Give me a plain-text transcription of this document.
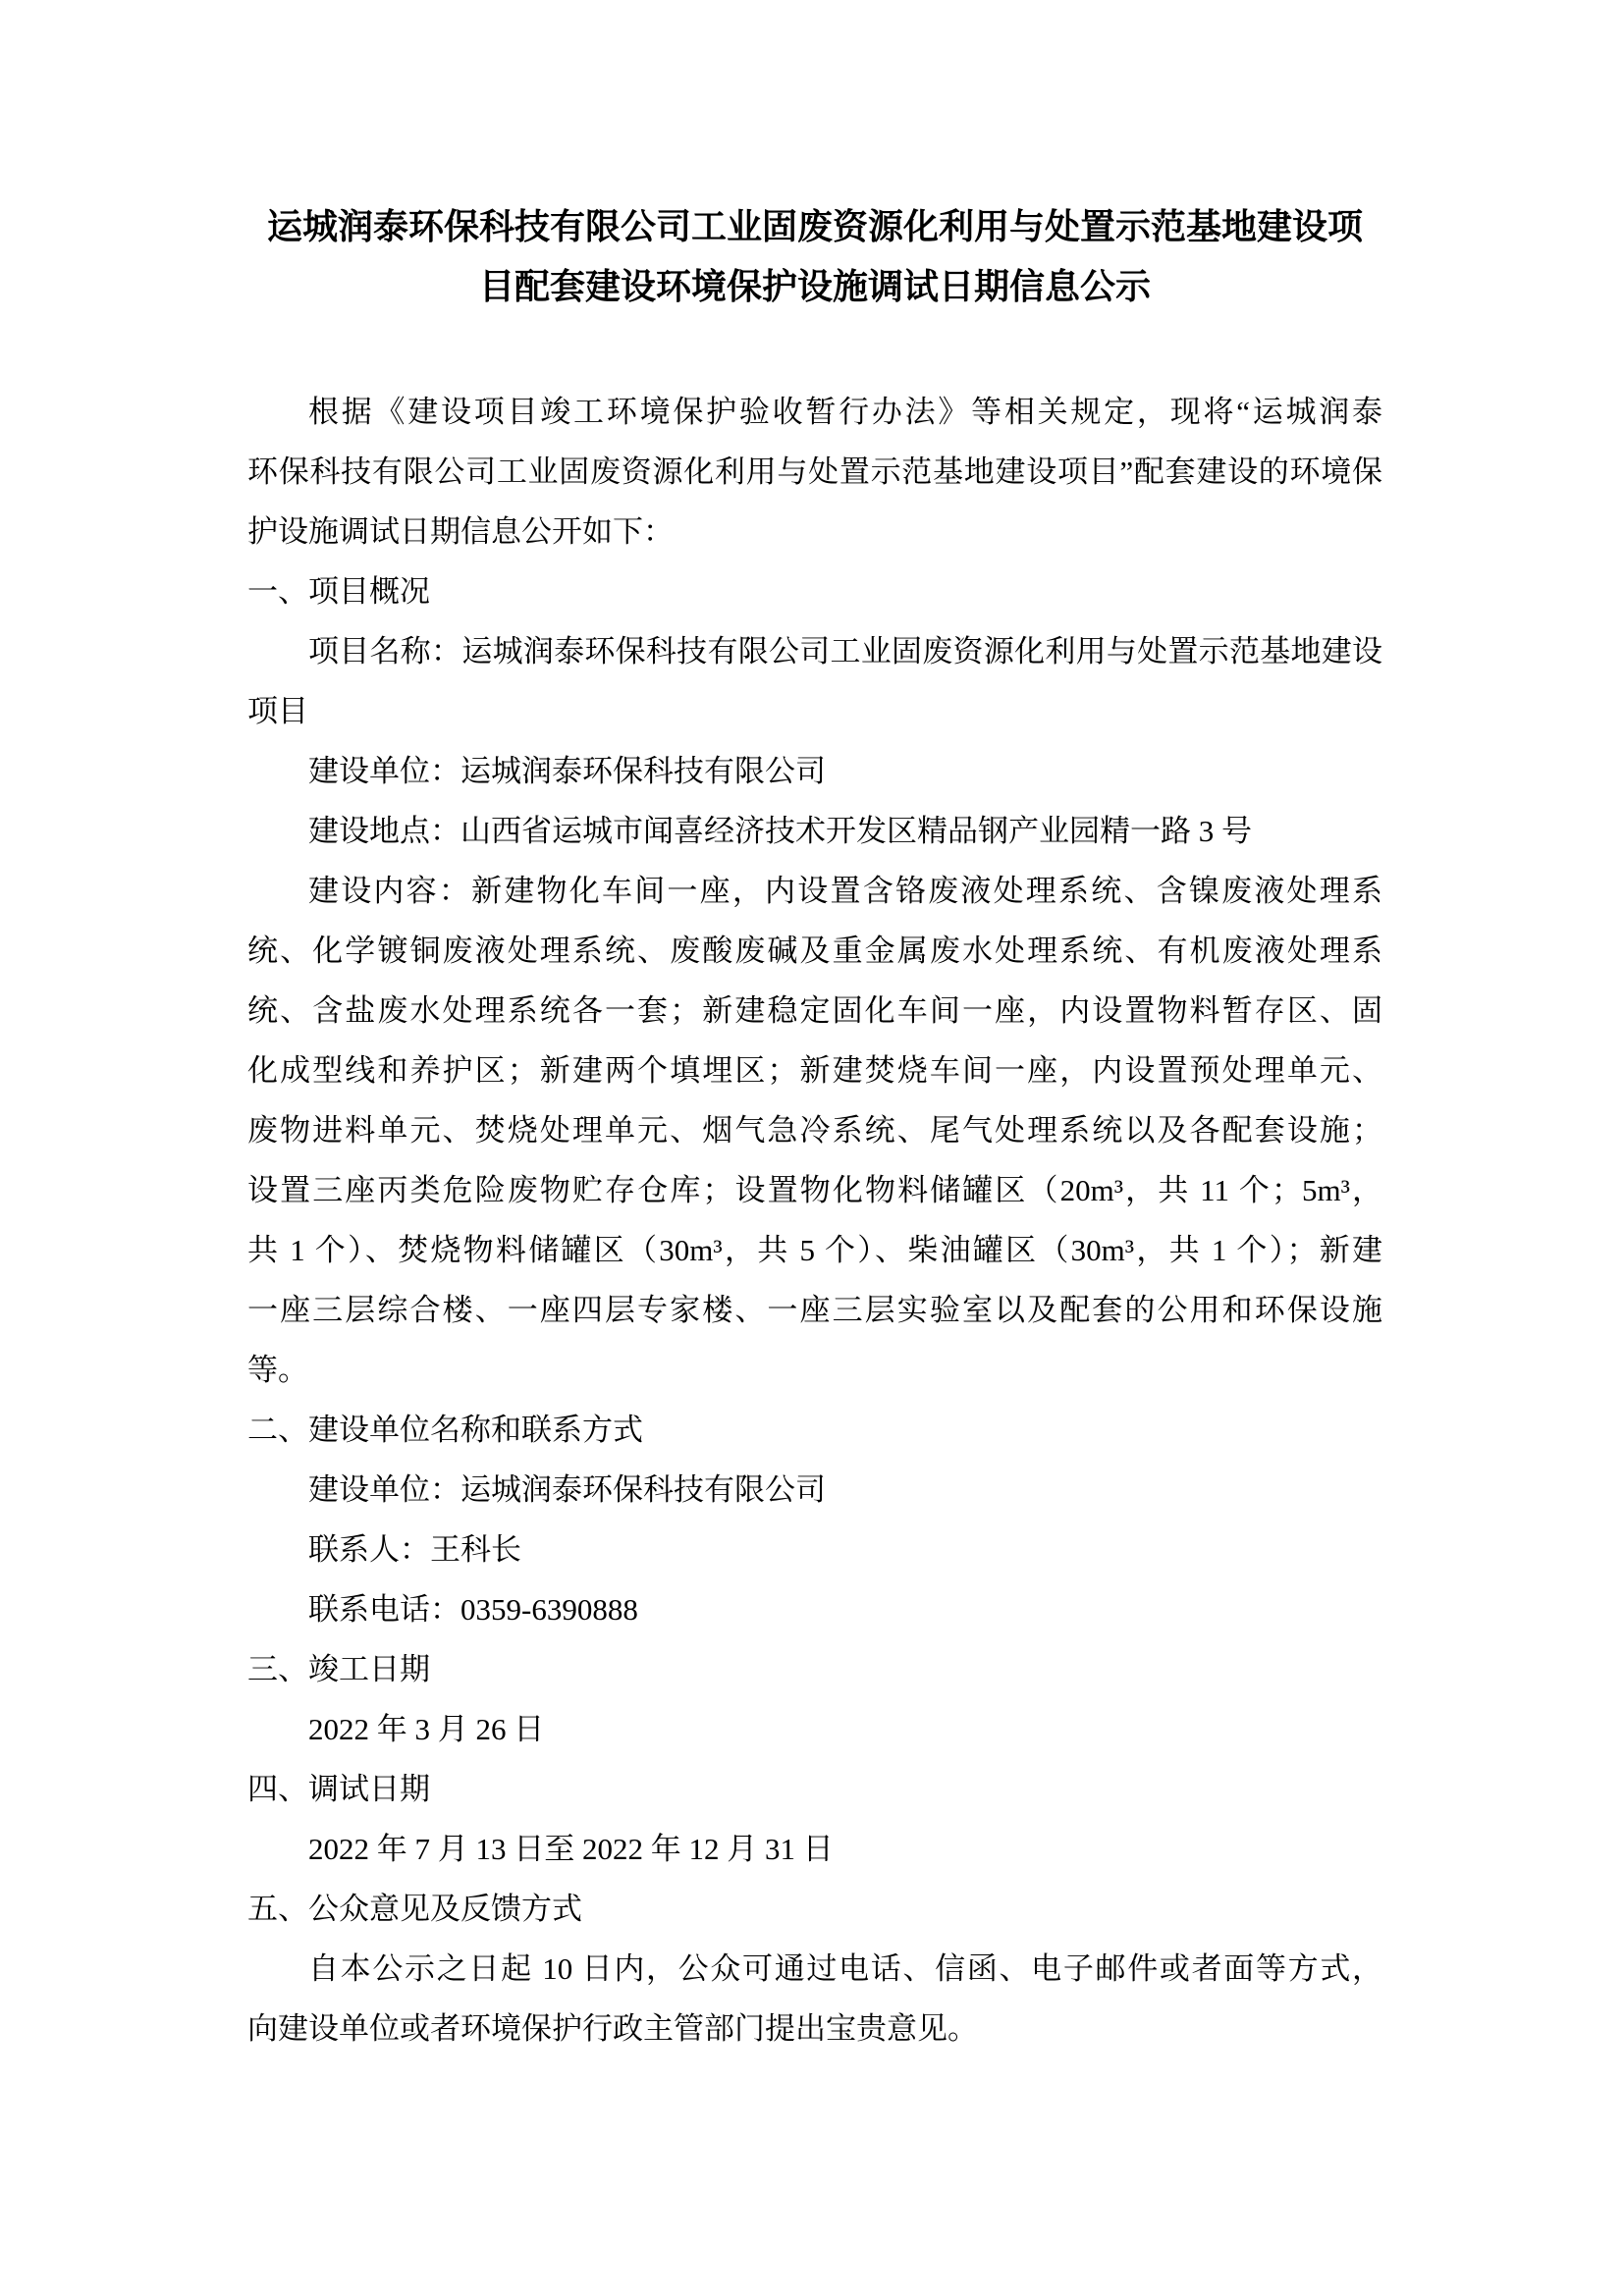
运城润泰环保科技有限公司工业固废资源化利用与处置示范基地建设项
目配套建设环境保护设施调试日期信息公示
根据《建设项目竣工环境保护验收暂行办法》等相关规定，现将“运城润泰
环保科技有限公司工业固废资源化利用与处置示范基地建设项目”配套建设的环境保
护设施调试日期信息公开如下：
一、项目概况
项目名称：运城润泰环保科技有限公司工业固废资源化利用与处置示范基地建设
项目
建设单位：运城润泰环保科技有限公司
建设地点：山西省运城市闻喜经济技术开发区精品钢产业园精一路 3 号
建设内容：新建物化车间一座，内设置含铬废液处理系统、含镍废液处理系
统、化学镀铜废液处理系统、废酸废碱及重金属废水处理系统、有机废液处理系
统、含盐废水处理系统各一套；新建稳定固化车间一座，内设置物料暂存区、固
化成型线和养护区；新建两个填埋区；新建焚烧车间一座，内设置预处理单元、
废物进料单元、焚烧处理单元、烟气急冷系统、尾气处理系统以及各配套设施；
设置三座丙类危险废物贮存仓库；设置物化物料储罐区（20m³，共 11 个；5m³，
共 1 个）、焚烧物料储罐区（30m³，共 5 个）、柴油罐区（30m³，共 1 个）；新建
一座三层综合楼、一座四层专家楼、一座三层实验室以及配套的公用和环保设施
等。
二、建设单位名称和联系方式
建设单位：运城润泰环保科技有限公司
联系人：王科长
联系电话：0359-6390888
三、竣工日期
2022 年 3 月 26 日
四、调试日期
2022 年 7 月 13 日至 2022 年 12 月 31 日
五、公众意见及反馈方式
自本公示之日起 10 日内，公众可通过电话、信函、电子邮件或者面等方式，
向建设单位或者环境保护行政主管部门提出宝贵意见。
